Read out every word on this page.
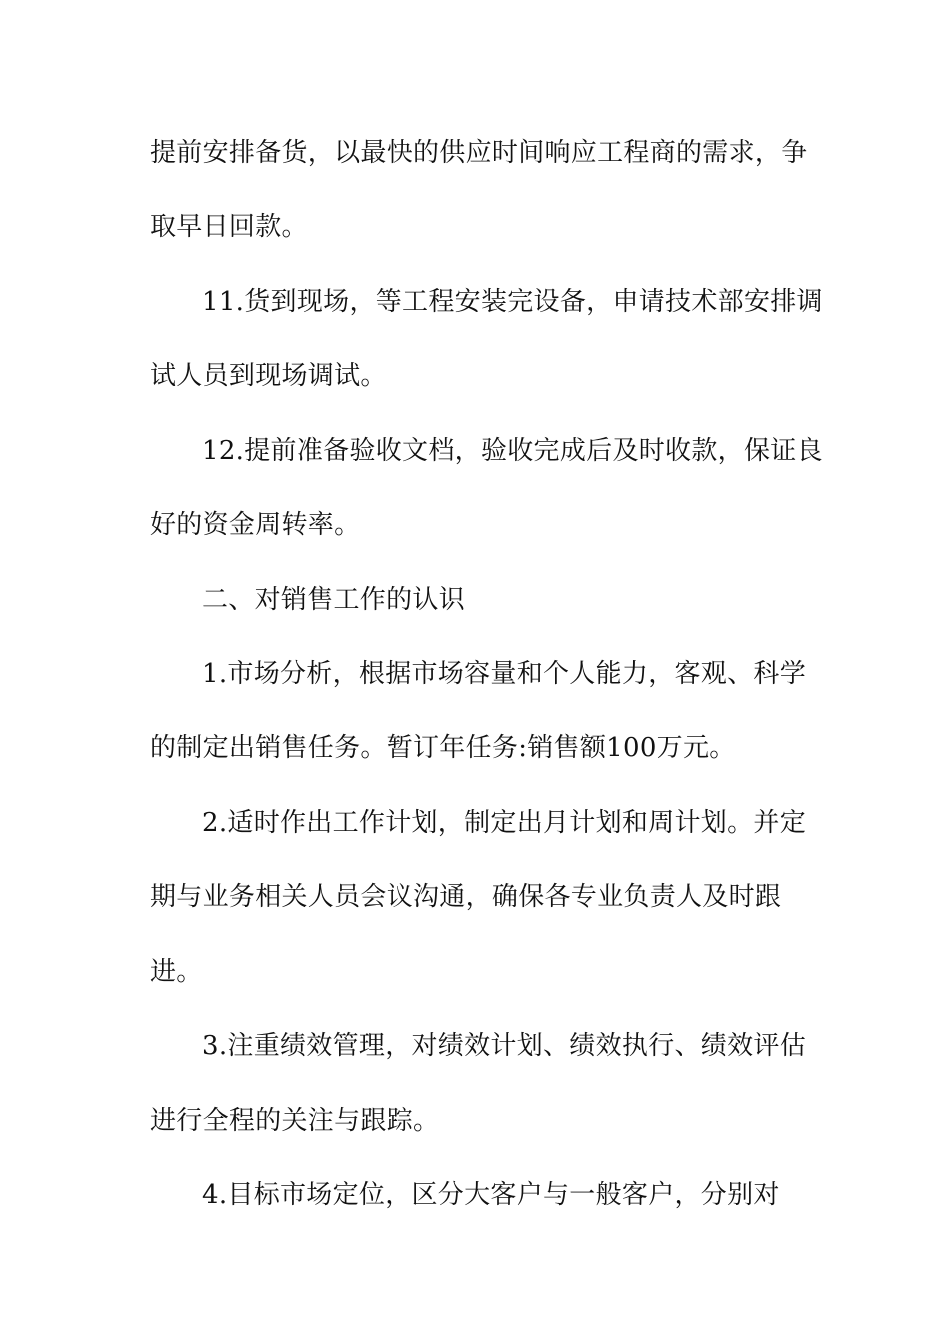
提前安排备货，以最快的供应时间响应工程商的需求，争

取早日回款。

11.货到现场，等工程安装完设备，申请技术部安排调

试人员到现场调试。

12.提前准备验收文档，验收完成后及时收款，保证良

好的资金周转率。

二、对销售工作的认识

1.市场分析，根据市场容量和个人能力，客观、科学

的制定出销售任务。暂订年任务:销售额100万元。

2.适时作出工作计划，制定出月计划和周计划。并定

期与业务相关人员会议沟通，确保各专业负责人及时跟

进。

3.注重绩效管理，对绩效计划、绩效执行、绩效评估

进行全程的关注与跟踪。

4.目标市场定位，区分大客户与一般客户，分别对
